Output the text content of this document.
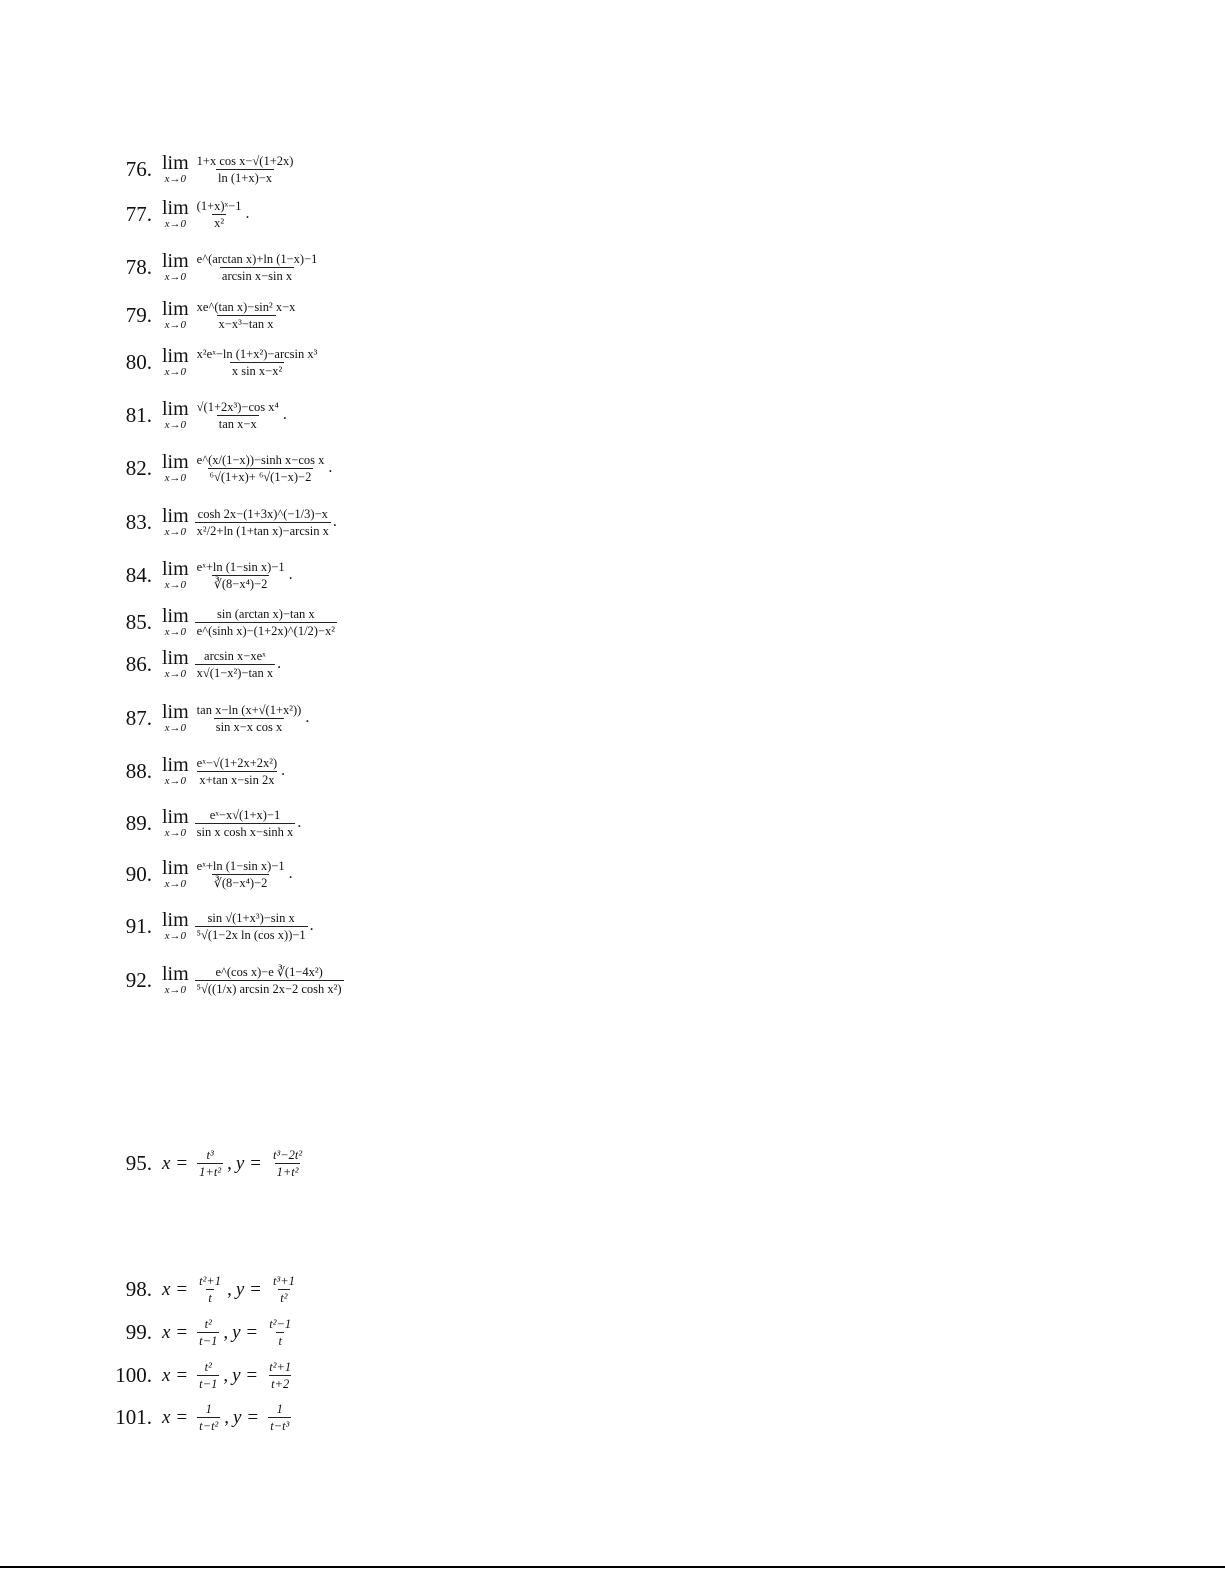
76. lim
$x\to 0 \frac{\text{1+x cos x−√(1+2x)}}{\ln (1+x)-x}$
77. lim
$x\to 0 \frac{\text{(1+x)ˣ−1}}{\text{x²}}$ .
78. lim
$x\to 0 \frac{\text{e\textasciicircum{}(arctan x)+ln (1−x)−1}}{\text{arcsin x−sin x}}$
79. lim
$x\to 0 \frac{\text{xe\textasciicircum{}(tan x)−sin² x−x}}{\text{x−x³−tan x}}$
80. lim
$x\to 0 \frac{\text{x²eˣ−ln (1+x²)−arcsin x³}}{\text{x sin x−x²}}$
81. lim
$x\to 0 \frac{\text{√(1+2x³)−cos x⁴}}{\text{tan x−x}}$ .
82. lim
$x\to 0 \frac{\text{e\textasciicircum{}(x/(1−x))−sinh x−cos x}}{\text{⁶√(1+x)+ ⁶√(1−x)−2}}$ .
83. lim
$x\to 0 \frac{\cosh 2x-(1+3x)\^{}(-1/3)-x}{\text{x²/2+ln (1+tan x)−arcsin x}}$ .
84. lim
$x\to 0 \frac{\text{eˣ+ln (1−sin x)−1}}{\text{∛(8−x⁴)−2}}$ .
85. lim
$x\to 0 \frac{\text{sin (arctan x)−tan x}}{\text{e\textasciicircum{}(sinh x)−(1+2x)\textasciicircum{}(1/2)−x²}}$
86. lim
$x\to 0 \frac{\text{arcsin x−xeˣ}}{\text{x√(1−x²)−tan x}}$ .
87. lim
$x\to 0 \frac{\text{tan x−ln (x+√(1+x²))}}{\text{sin x−x cos x}}$ .
88. lim
$x\to 0 \frac{\text{eˣ−√(1+2x+2x²)}}{\text{x+tan x−sin 2x}}$ .
89. lim
$x\to 0 \frac{\text{eˣ−x√(1+x)−1}}{\text{sin x cosh x−sinh x}}$ .
90. lim
$x\to 0 \frac{\text{eˣ+ln (1−sin x)−1}}{\text{∛(8−x⁴)−2}}$ .
91. lim
$x\to 0 \frac{\text{sin √(1+x³)−sin x}}{\text{⁵√(1−2x ln (cos x))−1}}$ .
92. lim
$x\to 0 \frac{\text{e\textasciicircum{}(cos x)−e ∛(1−4x²)}}{\text{⁵√((1/x) arcsin 2x−2 cosh x²)}}$
95. $x = \frac{\text{t³}}{\text{1+t²}}$ , $y = \frac{\text{t³−2t²}}{\text{1+t²}}$
98. $x = \frac{\text{t²+1}}{t}$ , $y = \frac{\text{t³+1}}{\text{t²}}$
99. $x = \frac{\text{t²}}{t-1}$ , $y = \frac{\text{t²−1}}{t}$
100. $x = \frac{\text{t²}}{t-1}$ , $y = \frac{\text{t²+1}}{t+2}$
101. $x = \frac{1}{\text{t−t²}}$ , $y = \frac{1}{\text{t−t³}}$
